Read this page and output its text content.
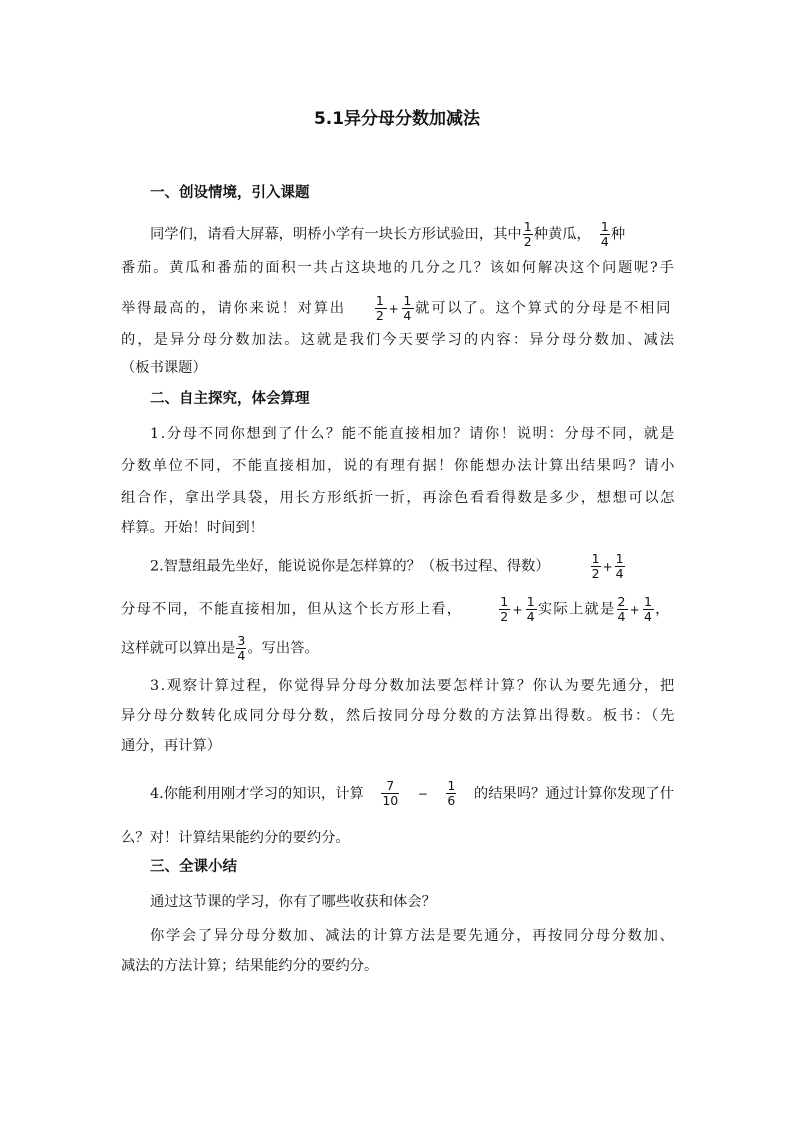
5.1异分母分数加减法
一、创设情境，引入课题
同学们，请看大屏幕，明桥小学有一块长方形试验田，其中 $\frac{1}{2}$ 种黄瓜， $\frac{1}{4}$ 种
番茄。黄瓜和番茄的面积一共占这块地的几分之几？该如何解决这个问题呢?手
举得最高的，请你来说！对算出 $\frac{1}{2} + \frac{1}{4}$ 就可以了。这个算式的分母是不相同
的，是异分母分数加法。这就是我们今天要学习的内容：异分母分数加、减法
（板书课题）
二、自主探究，体会算理
1.分母不同你想到了什么？能不能直接相加？请你！说明：分母不同，就是
分数单位不同，不能直接相加，说的有理有据！你能想办法计算出结果吗？请小
组合作，拿出学具袋，用长方形纸折一折，再涂色看看得数是多少，想想可以怎
样算。开始！时间到！
2.智慧组最先坐好，能说说你是怎样算的？（板书过程、得数）	$\frac{1}{2} + \frac{1}{4}$
分母不同，不能直接相加，但从这个长方形上看，	$\frac{1}{2} + \frac{1}{4}$ 实际上就是 $\frac{2}{4} + \frac{1}{4}$ ，
这样就可以算出是 $\frac{3}{4}$ 。写出答。
3.观察计算过程，你觉得异分母分数加法要怎样计算？你认为要先通分，把
异分母分数转化成同分母分数，然后按同分母分数的方法算出得数。板书：（先
通分，再计算）
4.你能利用刚才学习的知识，计算 $\frac{7}{10} - \frac{1}{6}$ 的结果吗？通过计算你发现了什
么？对！计算结果能约分的要约分。
三、全课小结
通过这节课的学习，你有了哪些收获和体会？
你学会了异分母分数加、减法的计算方法是要先通分，再按同分母分数加、
减法的方法计算；结果能约分的要约分。
